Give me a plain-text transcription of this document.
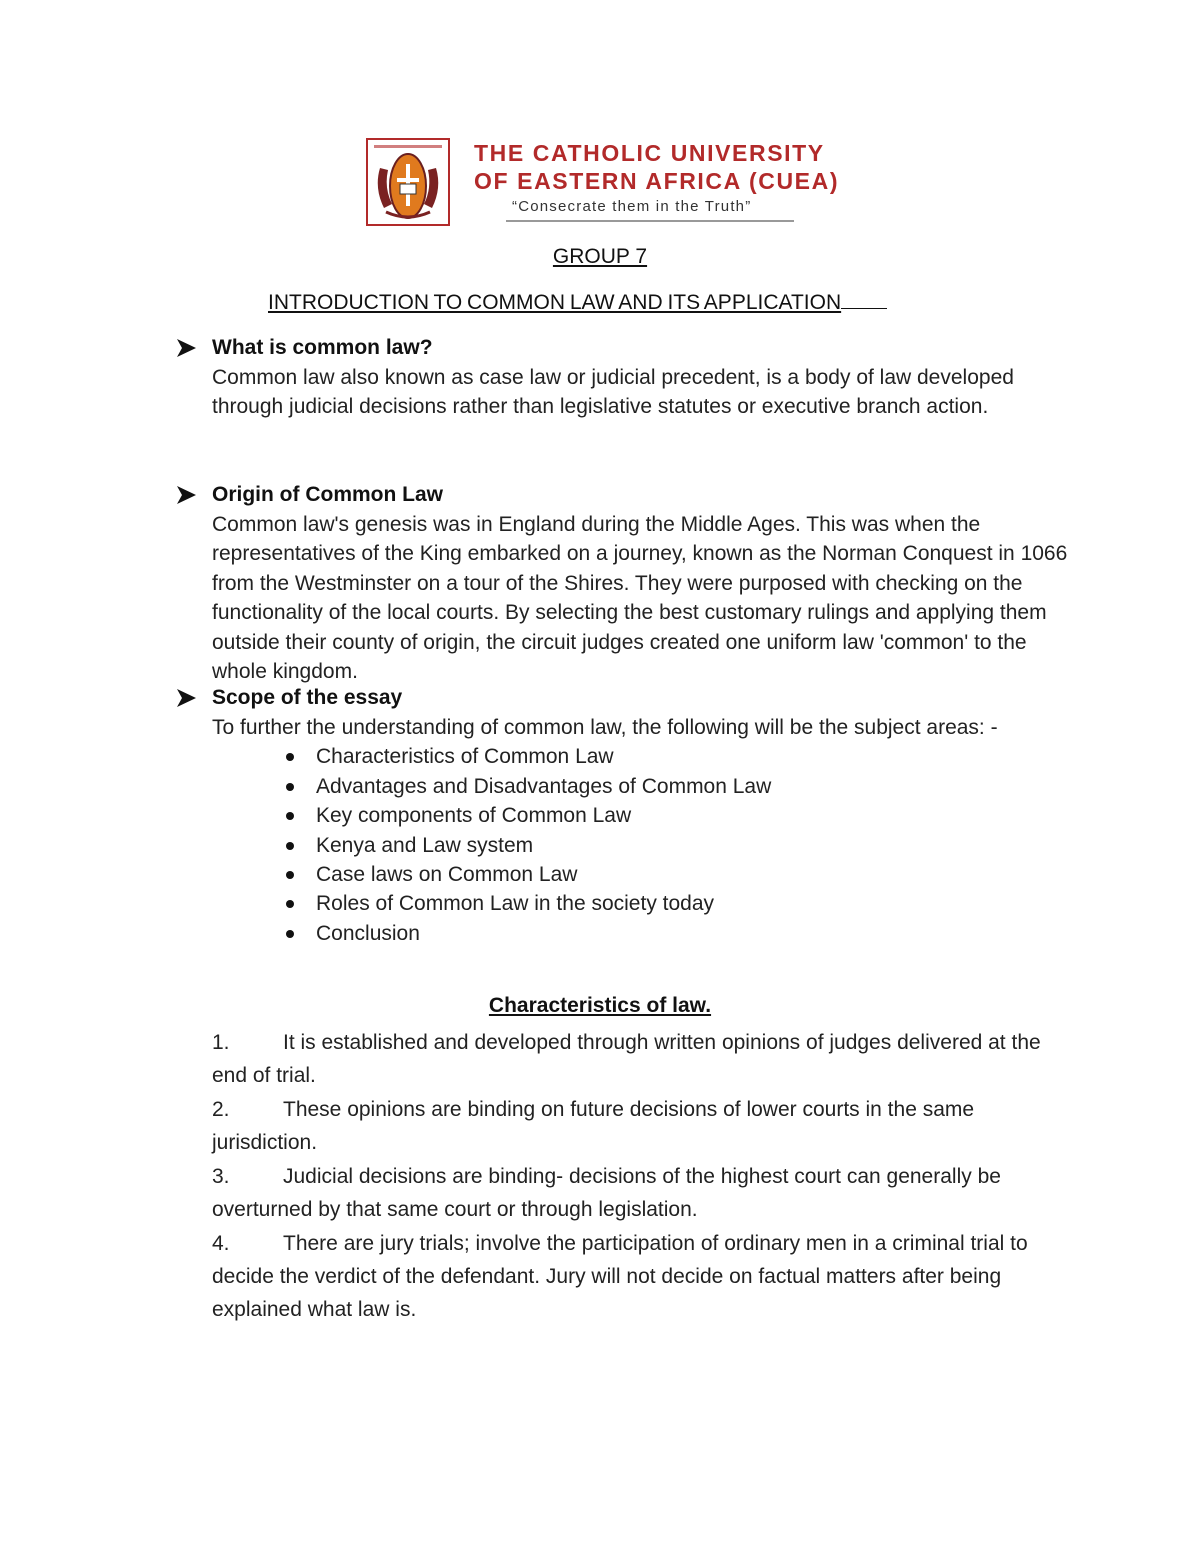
THE CATHOLIC UNIVERSITY
OF EASTERN AFRICA (CUEA)
“Consecrate them in the Truth”
GROUP 7
INTRODUCTION TO COMMON LAW AND ITS APPLICATION
What is common law?

Common law also known as case law or judicial precedent, is a body of law developed through judicial decisions rather than legislative statutes or executive branch action.

Origin of Common Law

Common law's genesis was in England during the Middle Ages. This was when the representatives of the King embarked on a journey, known as the Norman Conquest in 1066 from the Westminster on a tour of the Shires. They were purposed with checking on the functionality of the local courts. By selecting the best customary rulings and applying them outside their county of origin, the circuit judges created one uniform law 'common' to the whole kingdom.

Scope of the essay

To further the understanding of common law, the following will be the subject areas: -

Characteristics of Common Law
Advantages and Disadvantages of Common Law
Key components of Common Law
Kenya and Law system
Case laws on Common Law
Roles of Common Law in the society today
Conclusion
Characteristics of law.
1.	It is established and developed through written opinions of judges delivered at the end of trial.
2.	These opinions are binding on future decisions of lower courts in the same jurisdiction.
3.	Judicial decisions are binding- decisions of the highest court can generally be overturned by that same court or through legislation.
4.	There are jury trials; involve the participation of ordinary men in a criminal trial to decide the verdict of the defendant. Jury will not decide on factual matters after being explained what law is.
